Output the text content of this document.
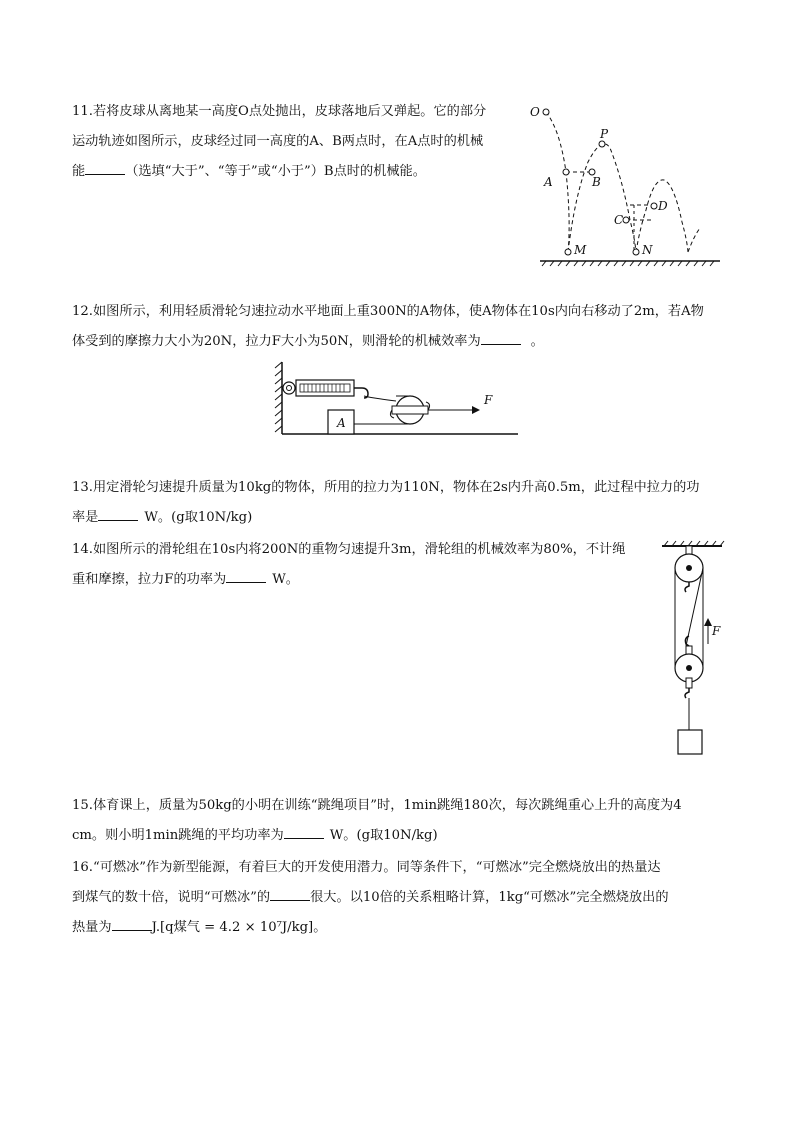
11.若将皮球从离地某一高度O点处抛出，皮球落地后又弹起。它的部分

运动轨迹如图所示，皮球经过同一高度的A、B两点时，在A点时的机械

能	（选填“大于”、“等于”或“小于”）B点时的机械能。

O
P
A	B
C
D
M	N

12.如图所示，利用轻质滑轮匀速拉动水平地面上重300N的A物体，使A物体在10s内向右移动了2m，若A物

体受到的摩擦力大小为20N，拉力F大小为50N，则滑轮的机械效率为	。

A
F

13.用定滑轮匀速提升质量为10kg的物体，所用的拉力为110N，物体在2s内升高0.5m，此过程中拉力的功

率是	W。(g取10N/kg)

14.如图所示的滑轮组在10s内将200N的重物匀速提升3m，滑轮组的机械效率为80%，不计绳

重和摩擦，拉力F的功率为	W。

F

15.体育课上，质量为50kg的小明在训练“跳绳项目”时，1min跳绳180次，每次跳绳重心上升的高度为4

cm。则小明1min跳绳的平均功率为	W。(g取10N/kg)

16.“可燃冰”作为新型能源，有着巨大的开发使用潜力。同等条件下，“可燃冰”完全燃烧放出的热量达

到煤气的数十倍，说明“可燃冰”的	很大。以10倍的关系粗略计算，1kg“可燃冰”完全燃烧放出的

热量为	J.[q煤气 = 4.2 × 10⁷J/kg]。
